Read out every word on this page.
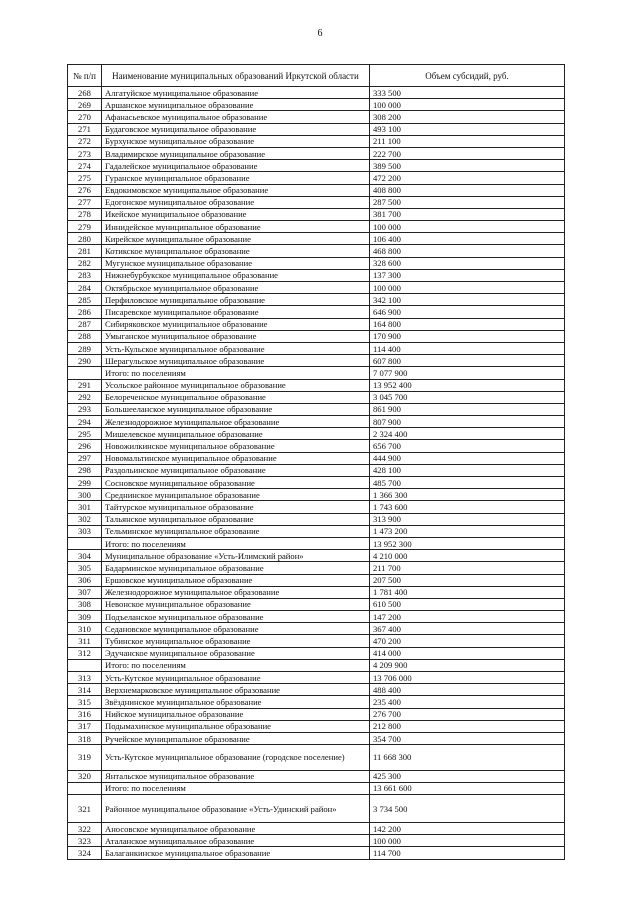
6
№ п/п	Наименование муниципальных образований Иркутской области	Объем субсидий, руб.
268	Алгатуйское муниципальное образование	333 500
269	Аршанское муниципальное образование	100 000
270	Афанасьевское муниципальное образование	308 200
271	Будаговское муниципальное образование	493 100
272	Бурхунское муниципальное образование	211 100
273	Владимирское муниципальное образование	222 700
274	Гадалейское муниципальное образование	389 500
275	Гуранское муниципальное образование	472 200
276	Евдокимовское муниципальное образование	408 800
277	Едогонское муниципальное образование	287 500
278	Икейское муниципальное образование	381 700
279	Иннидейское муниципальное образование	100 000
280	Кирейское муниципальное образование	106 400
281	Котикское муниципальное образование	468 800
282	Мугунское муниципальное образование	328 600
283	Нижнебурбукское муниципальное образование	137 300
284	Октябрьское муниципальное образование	100 000
285	Перфиловское муниципальное образование	342 100
286	Писаревское муниципальное образование	646 900
287	Сибиряковское муниципальное образование	164 800
288	Умыганское муниципальное образование	170 900
289	Усть-Кульское муниципальное образование	114 400
290	Шерагульское муниципальное образование	607 800
	Итого: по поселениям	7 077 900
291	Усольское районное муниципальное образование	13 952 400
292	Белореченское муниципальное образование	3 045 700
293	Большееланское муниципальное образование	861 900
294	Железнодорожное муниципальное образование	807 900
295	Мишелевское муниципальное образование	2 324 400
296	Новожилкинское муниципальное образование	656 700
297	Новомальтинское муниципальное образование	444 900
298	Раздольинское муниципальное образование	428 100
299	Сосновское муниципальное образование	485 700
300	Среднинское муниципальное образование	1 366 300
301	Тайтурское муниципальное образование	1 743 600
302	Тальянское муниципальное образование	313 900
303	Тельминское муниципальное образование	1 473 200
	Итого: по поселениям	13 952 300
304	Муниципальное образование «Усть-Илимский район»	4 210 000
305	Бадарминское муниципальное образование	211 700
306	Ершовское муниципальное образование	207 500
307	Железнодорожное муниципальное образование	1 781 400
308	Невонское муниципальное образование	610 500
309	Подъеланское муниципальное образование	147 200
310	Седановское муниципальное образование	367 400
311	Тубинское муниципальное образование	470 200
312	Эдучанское муниципальное образование	414 000
	Итого: по поселениям	4 209 900
313	Усть-Кутское муниципальное образование	13 706 000
314	Верхнемарковское муниципальное образование	488 400
315	Звёзднинское муниципальное образование	235 400
316	Нийское муниципальное образование	276 700
317	Подымахинское муниципальное образование	212 800
318	Ручейское муниципальное образование	354 700
319	Усть-Кутское муниципальное образование (городское поселение)	11 668 300
320	Янтальское муниципальное образование	425 300
	Итого: по поселениям	13 661 600
321	Районное муниципальное образование «Усть-Удинский район»	3 734 500
322	Аносовское муниципальное образование	142 200
323	Аталанское муниципальное образование	100 000
324	Балаганкинское муниципальное образование	114 700
